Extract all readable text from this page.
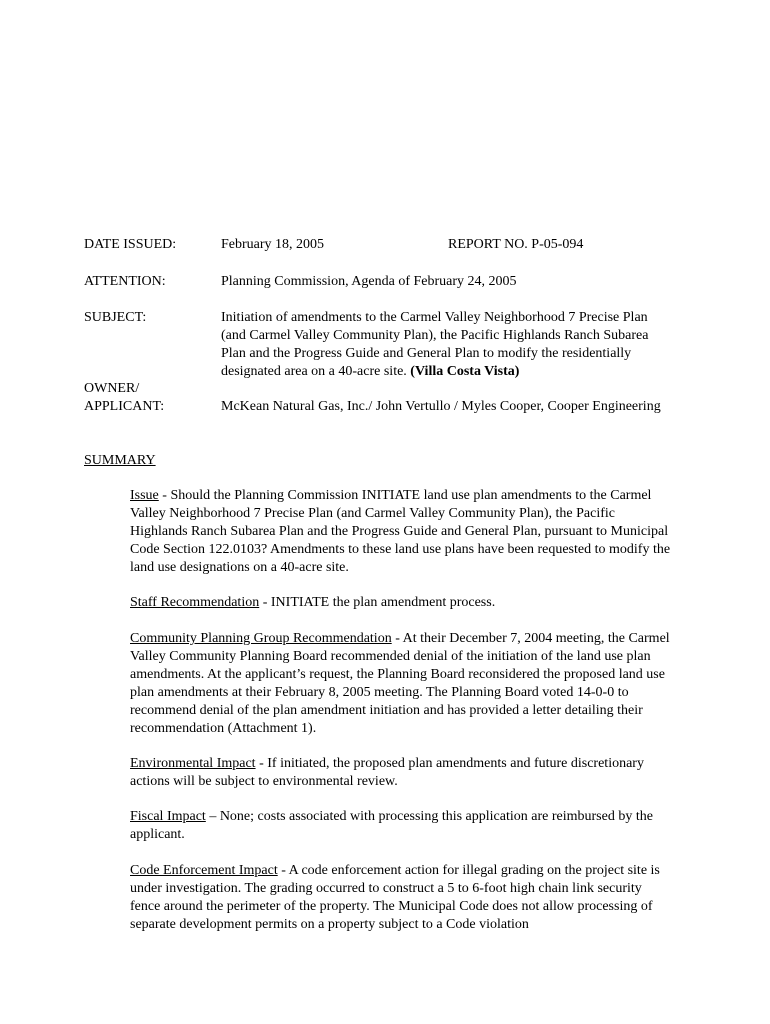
DATE ISSUED:	February 18, 2005	REPORT NO. P-05-094
ATTENTION:	Planning Commission, Agenda of February 24, 2005
SUBJECT:	Initiation of amendments to the Carmel Valley Neighborhood 7 Precise Plan (and Carmel Valley Community Plan), the Pacific Highlands Ranch Subarea Plan and the Progress Guide and General Plan to modify the residentially designated area on a 40-acre site. (Villa Costa Vista)
OWNER/
APPLICANT:	McKean Natural Gas, Inc./ John Vertullo / Myles Cooper, Cooper Engineering
SUMMARY
Issue - Should the Planning Commission INITIATE land use plan amendments to the Carmel Valley Neighborhood 7 Precise Plan (and Carmel Valley Community Plan), the Pacific Highlands Ranch Subarea Plan and the Progress Guide and General Plan, pursuant to Municipal Code Section 122.0103? Amendments to these land use plans have been requested to modify the land use designations on a 40-acre site.
Staff Recommendation - INITIATE the plan amendment process.
Community Planning Group Recommendation - At their December 7, 2004 meeting, the Carmel Valley Community Planning Board recommended denial of the initiation of the land use plan amendments. At the applicant’s request, the Planning Board reconsidered the proposed land use plan amendments at their February 8, 2005 meeting. The Planning Board voted 14-0-0 to recommend denial of the plan amendment initiation and has provided a letter detailing their recommendation (Attachment 1).
Environmental Impact - If initiated, the proposed plan amendments and future discretionary actions will be subject to environmental review.
Fiscal Impact – None; costs associated with processing this application are reimbursed by the applicant.
Code Enforcement Impact - A code enforcement action for illegal grading on the project site is under investigation. The grading occurred to construct a 5 to 6-foot high chain link security fence around the perimeter of the property. The Municipal Code does not allow processing of separate development permits on a property subject to a Code violation
